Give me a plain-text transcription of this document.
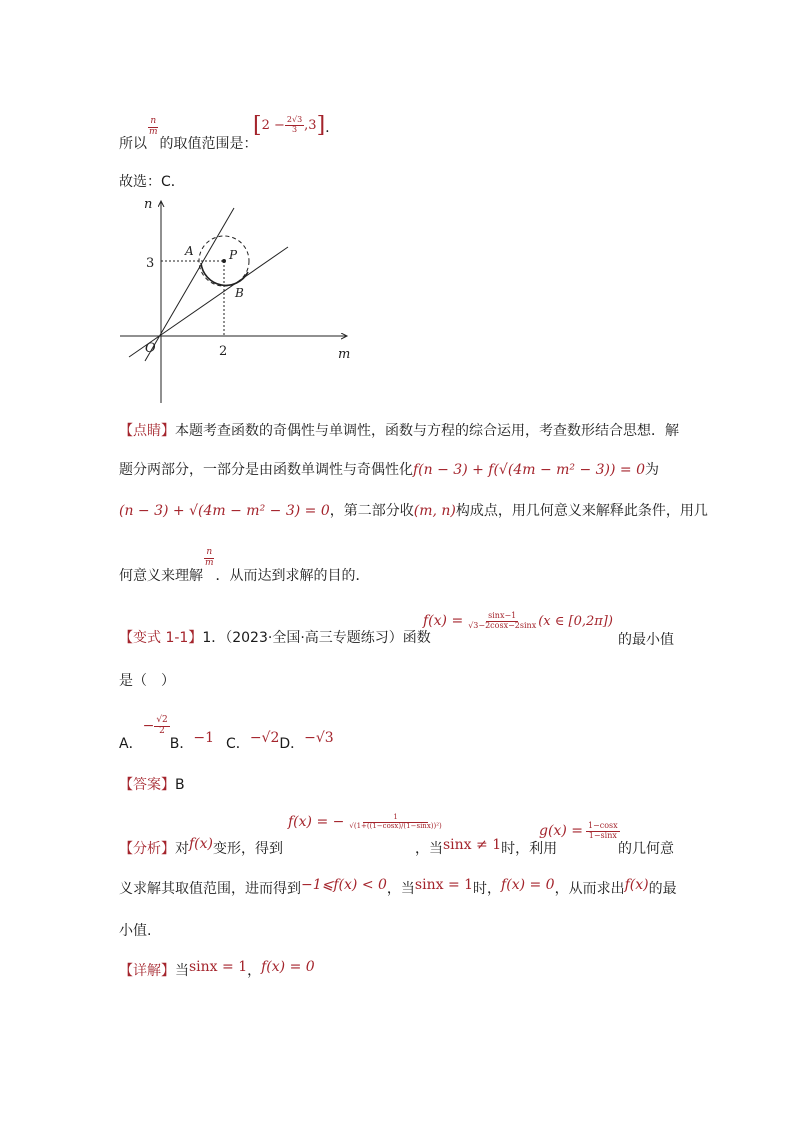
所以
$\frac{n}{m}$
的取值范围是：
$[2 - \frac{2√3}{3} ,3]$.
故选：C．
n
m
O
3
2
A	P
B
【点睛】本题考查函数的奇偶性与单调性，函数与方程的综合运用，考查数形结合思想．解
题分两部分，一部分是由函数单调性与奇偶性化f(n − 3) + f(√(4m − m² − 3)) = 0为
(n − 3) + √(4m − m² − 3) = 0，第二部分收(m, n)构成点，用几何意义来解释此条件，用几
何意义来理解
$\frac{n}{m}$
．从而达到求解的目的．
【变式 1-1】1．（2023·全国·高三专题练习）函数
$f(x) = \frac{\sin x-1}{√3-2\cos x-2\sin x} (x$ ∈ [0,2π])
的最小值
是（　）
A．− $\frac{√2}{2}$
B．−1 C．−√2D．−√3
【答案】B
f(x) = − $\frac{1}{\text{√(1+((1−cosx)/(1−sinx))²)}}$
$g(x) = \frac{1-\cos x}{1-\sin x}$
【分析】对f(x)变形，得到	，当sinx ≠ 1时，利用	的几何意
义求解其取值范围，进而得到−1⩽f(x) < 0，当sinx = 1时，f(x) = 0，从而求出f(x)的最
小值.
【详解】当sinx = 1，f(x) = 0
